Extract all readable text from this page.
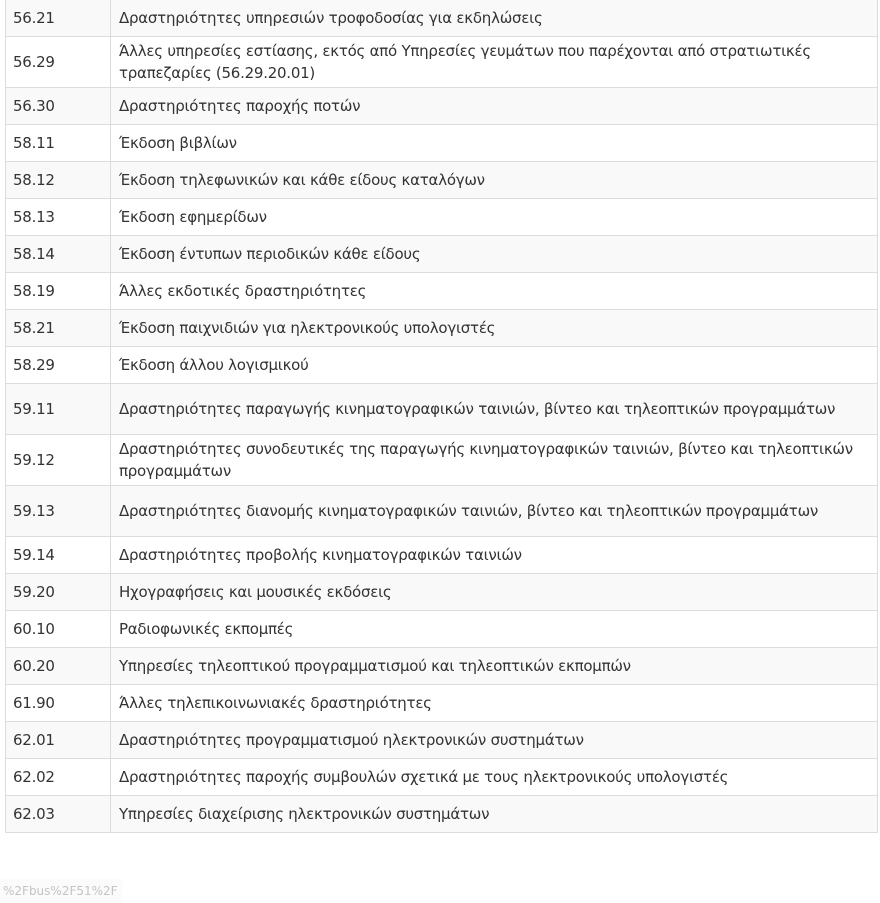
56.21	Δραστηριότητες υπηρεσιών τροφοδοσίας για εκδηλώσεις
56.29	Άλλες υπηρεσίες εστίασης, εκτός από Υπηρεσίες γευμάτων που παρέχονται από στρατιωτικές τραπεζαρίες (56.29.20.01)
56.30	Δραστηριότητες παροχής ποτών
58.11	Έκδοση βιβλίων
58.12	Έκδοση τηλεφωνικών και κάθε είδους καταλόγων
58.13	Έκδοση εφημερίδων
58.14	Έκδοση έντυπων περιοδικών κάθε είδους
58.19	Άλλες εκδοτικές δραστηριότητες
58.21	Έκδοση παιχνιδιών για ηλεκτρονικούς υπολογιστές
58.29	Έκδοση άλλου λογισμικού
59.11	Δραστηριότητες παραγωγής κινηματογραφικών ταινιών, βίντεο και τηλεοπτικών προγραμμάτων
59.12	Δραστηριότητες συνοδευτικές της παραγωγής κινηματογραφικών ταινιών, βίντεο και τηλεοπτικών προγραμμάτων
59.13	Δραστηριότητες διανομής κινηματογραφικών ταινιών, βίντεο και τηλεοπτικών προγραμμάτων
59.14	Δραστηριότητες προβολής κινηματογραφικών ταινιών
59.20	Ηχογραφήσεις και μουσικές εκδόσεις
60.10	Ραδιοφωνικές εκπομπές
60.20	Υπηρεσίες τηλεοπτικού προγραμματισμού και τηλεοπτικών εκπομπών
61.90	Άλλες τηλεπικοινωνιακές δραστηριότητες
62.01	Δραστηριότητες προγραμματισμού ηλεκτρονικών συστημάτων
62.02	Δραστηριότητες παροχής συμβουλών σχετικά με τους ηλεκτρονικούς υπολογιστές
62.03	Υπηρεσίες διαχείρισης ηλεκτρονικών συστημάτων
%2Fbus%2F51%2F
